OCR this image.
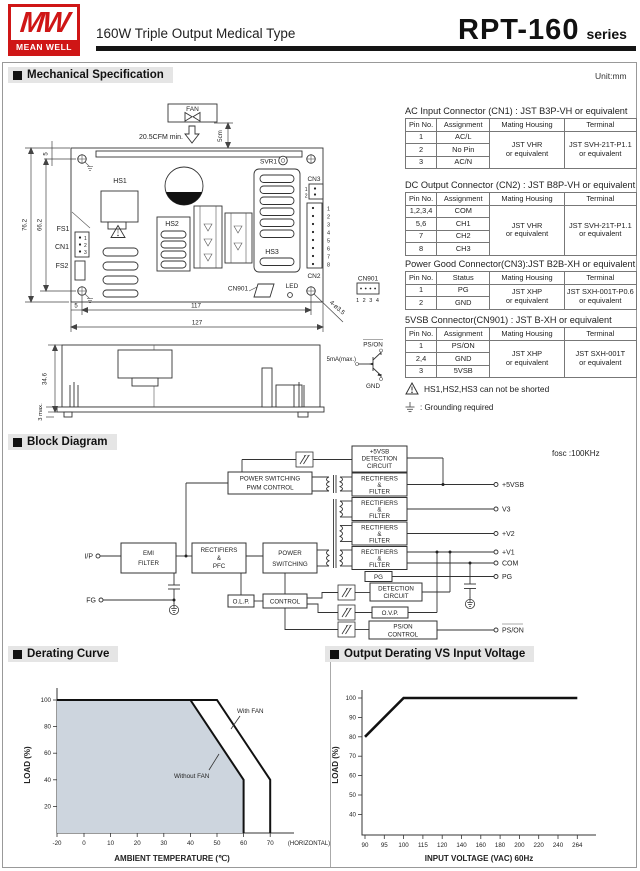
MW
MEAN WELL
160W Triple Output Medical Type	RPT-160 series
Mechanical Specification	Unit:mm
Block Diagram
Derating Curve	Output Derating VS Input Voltage
fosc :100KHz
FAN
20.5CFM min.	5cm
SVR1
HS1
FS1
CN1
FS2
1
2
3
HS2
HS3
CN3
1
2
1
2
3
4
5
6
7
8
CN2
CN901	LED
5
66.2
76.2
5	117
127
4-ø3.5
CN901
1 2 3 4
34.6
3 max.
PS/ON
5mA(max.)
GND
AC Input Connector (CN1) : JST B3P-VH or equivalent
Pin No.	Assignment	Mating Housing	Terminal
1	AC/L	JST VHR
or equivalent	JST SVH-21T-P1.1
or equivalent
2	No Pin		
3	AC/N		
DC Output Connector (CN2) : JST B8P-VH or equivalent
Pin No.	Assignment	Mating Housing	Terminal
1,2,3,4	COM	JST VHR
or equivalent	JST SVH-21T-P1.1
or equivalent
5,6	CH1		
7	CH2		
8	CH3		
Power Good Connector(CN3):JST B2B-XH or equivalent
Pin No.	Status	Mating Housing	Terminal
1	PG	JST XHP
or equivalent	JST SXH-001T-P0.6
or equivalent
2	GND		
5VSB Connector(CN901) : JST B-XH or equivalent
Pin No.	Assignment	Mating Housing	Terminal
1	PS/ON	JST XHP
or equivalent	JST SXH-001T
or equival​ent
2,4	GND		
3	5VSB		
HS1,HS2,HS3 can not be shorted
: Grounding required
POWER SWITCHING
PWM CONTROL
+5VSB
DETECTION
CIRCUIT
RECTIFIERS
&
FILTER
RECTIFIERS
&
FILTER
RECTIFIERS
&
FILTER
RECTIFIERS
&
FILTER
PG
EMI
FILTER
RECTIFIERS
&
PFC
POWER
SWITCHING
O.L.P.	CONTROL
DETECTION
CIRCUIT
O.V.P.
PS/ON
CONTROL
I/P
FG
+5VSB
V3
+V2
+V1
COM
PG
PS/ON
-20	0	10	20	30	40	50	60	70 (HORIZONTAL)
20
40
60
80
100
With FAN
Without FAN
AMBIENT TEMPERATURE (℃)
LOAD (%)
90 95 100 115 120 140 160 180 200 220 240 264
40
50
60
70
80
90
100
INPUT VOLTAGE (VAC) 60Hz
LOAD (%)
